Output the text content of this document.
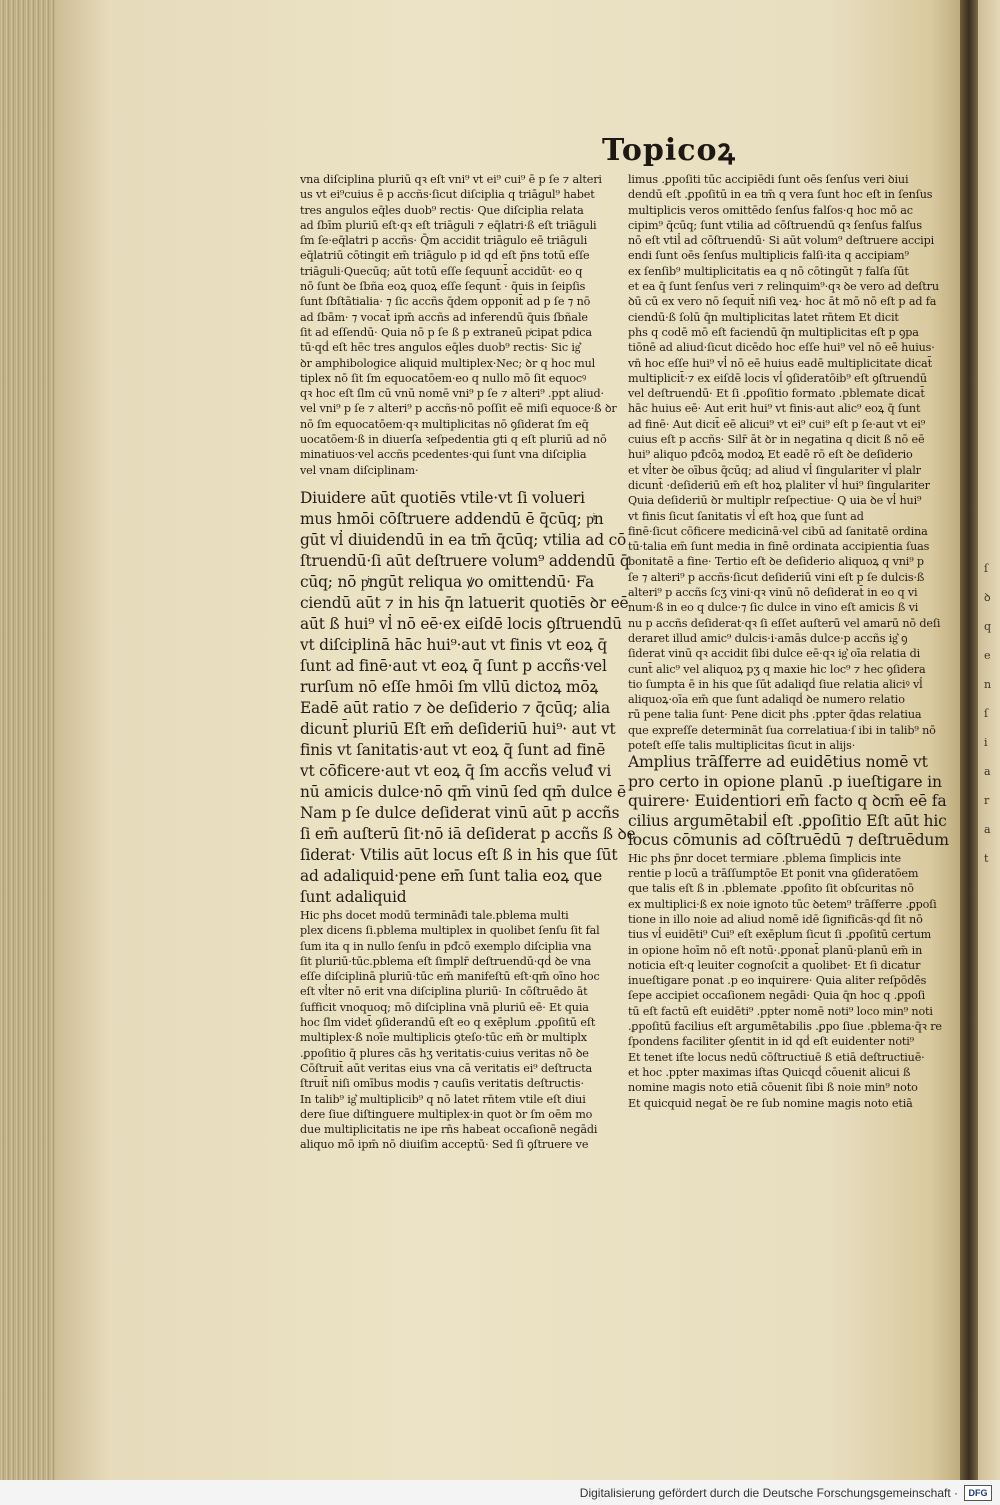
ſ
ꝺ
q
e
n
ſ
i
a
r
a
t
Topicoꝝ

vna diſciplina pluriū qꝛ eſt vni⁹ vt ei⁹ cui⁹ ē p ſe ⁊ alteri

us vt ei⁹cuius ē p accñs·ſicut diſciplia q triāgul⁹ habet

tres angulos eq̄les duob⁹ rectis· Que diſciplia relata

ad ſbīm pluriū eſt·qꝛ eſt triāguli ⁊ eq̄latri·ß eſt triāguli

ſm ſe·eq̄latri p accñs· Q̄m accidit triāgulo eē triāguli

eq̄latriū cōtingit em̄ triāgulo p id qḋ eſt p̄ns totū eſſe

triāguli·Quecūq; aūt totū eſſe ſequunt̄ accidūt· eo q

nō ſunt ꝺe ſbña eoꝝ quoꝝ eſſe ſequnt̄ · q̄uis in ſeipſis

ſunt ſbſtātialia· ⁊ ſic accñs q̄dem opponit̄ ad p ſe ⁊ nō

ad ſbām· ⁊ vocat̄ ipm̄ accñs ad inferendū q̄uis ſbñale

ſit ad eſſendū· Quia nō p ſe ß p extraneū pͥcipat pdica

tū·qḋ eſt hēc tres angulos eq̄les duob⁹ rectis· Sic ig͛

ꝺr amphibologice aliquid multiplex·Nec; ꝺr q hoc mul

tiplex nō ſit ſm equocatōem·eo q nullo mō ſit equocꝰ

qꝛ hoc eſt ſlm cū vnū nomē vni⁹ p ſe ⁊ alteri⁹ .ppt aliud·

vel vni⁹ p ſe ⁊ alteri⁹ p accñs·nō poſſit eē miſi equoce·ß ꝺr

nō ſm equocatōem·qꝛ multiplicitas nō ꝯſiderat ſm eq̄

uocatōem·ß in diuerſa ꝛeſpedentia gti q eſt pluriū ad nō

minatiuos·vel accñs pcedentes·qui ſunt vna diſciplia

vel vnam diſciplinam·

Diuidere aūt quotiēs vtile·vt ſi volueri

mus hmōi cōſtruere addendū ē q̄cūq; pͥn

gūt vl̓ diuidendū in ea tm̄ q̄cūq; vtilia ad cō

ſtruendū·ſi aūt deſtruere volum⁹ addendū q̄

cūq; nō pͥngūt reliqua ꝟo omittendū· Fa

ciendū aūt ⁊ in his q̄n latuerit quotiēs ꝺr eē

aūt ß hui⁹ vl̓ nō eē·ex eiſdē locis ꝯſtruendū

vt diſciplinā hāc hui⁹·aut vt finis vt eoꝝ q̄

ſunt ad finē·aut vt eoꝝ q̄ ſunt p accñs·vel

rurſum nō eſſe hmōi ſm vllū dictoꝝ mōꝝ

Eadē aūt ratio ⁊ ꝺe deſiderio ⁊ q̄cūq; alia

dicunt̄ pluriū Eſt em̄ deſideriū hui⁹· aut vt

finis vt ſanitatis·aut vt eoꝝ q̄ ſunt ad finē

vt cōficere·aut vt eoꝝ q̄ ſm accñs veluđ vi

nū amicis dulce·nō qm̄ vinū ſed qm̄ dulce ē

Nam p ſe dulce deſiderat vinū aūt p accñs

ſi em̄ auſterū ſit·nō iā deſiderat p accñs ß ꝺe

ſiderat· Vtilis aūt locus eſt ß in his que ſūt

ad adaliquid·pene em̄ ſunt talia eoꝝ que

ſunt adaliquid

Hic phs docet modū termināđi tale.pblema multi

plex dicens ſi.pblema multiplex in quolibet ſenſu ſit fal

ſum ita q in nullo ſenſu in pđcō exemplo diſciplia vna

ſit pluriū·tūc.pblema eſt ſimplr̄ deſtruendū·qḋ ꝺe vna

eſſe diſciplinā pluriū·tūc em̄ manifeſtū eſt·qm̄ oīno hoc

eſt vl̓ter nō erit vna diſciplina pluriū· In cōſtruēdo āt

ſufficit vnoquoq; mō diſciplina vnā pluriū eē· Et quia

hoc ſlm videt̄ ꝯſiderandū eſt eo q exēplum .ꝑpoſitū eſt

multiplex·ß noīe multiplicis ꝯteſo·tūc em̄ ꝺr multiplx

.ꝑpoſitio q̄ plures cās hʒ veritatis·cuius veritas nō ꝺe

Cōſtruit̄ aūt veritas eius vna cā veritatis ei⁹ deſtructa

ſtruit̄ niſi omībus modis ⁊ cauſis veritatis deſtructis·

In talib⁹ ig͛ multiplicib⁹ q nō latet rn̄tem vtile eſt diui

dere ſiue diſtinguere multiplex·in quot ꝺr ſm oēm mo

due multiplicitatis ne ipe rn̄s habeat occaſionē negādi

aliquo mō ipm̄ nō diuiſim acceptū· Sed ſi ꝯſtruere ve

limus .ꝑpoſiti tūc accipiēdi ſunt oēs ſenſus veri ꝺiui

dendū eſt .ꝑpoſitū in ea tm̄ q vera ſunt hoc eſt in ſenſus

multiplicis veros omittēdo ſenſus falſos·q hoc mō ac

cipim⁹ q̄cūq; ſunt vtilia ad cōſtruendū qꝛ ſenſus falſus

nō eſt vtil̓ ad cōſtruendū· Si aūt volum⁹ deſtruere accipi

endi ſunt oēs ſenſus multiplicis falſi·ita q accipiam⁹

ex ſenſib⁹ multiplicitatis ea q nō cōtingūt ⁊ falſa ſūt

et ea q̄ ſunt ſenſus veri ⁊ relinquim⁹·qꝛ ꝺe vero ad deſtru

ꝺū cū ex vero nō ſequit̄ niſi veꝝ· hoc āt mō nō eſt p ad fa

ciendū·ß ſolū q̄n multiplicitas latet rn̄tem Et dicit

phs q codē mō eſt faciendū q̄n multiplicitas eſt p ꝯpa

tiōnē ad aliud·ſicut dicēdo hoc eſſe hui⁹ vel nō eē huius·

vn̄ hoc eſſe hui⁹ vl̓ nō eē huius eadē multiplicitate dicat̄

multiplicit̄·⁊ ex eiſdē locis vl̓ ꝯſideratōib⁹ eſt ꝯſtruendū

vel deſtruendū· Et ſi .ꝑpoſitio formato .pblemate dicat̄

hāc huius eē· Aut erit hui⁹ vt finis·aut alic⁹ eoꝝ q̄ ſunt

ad finē· Aut dicit̄ eē alicui⁹ vt ei⁹ cui⁹ eſt p ſe·aut vt ei⁹

cuius eſt p accñs· Silr̄ āt ꝺr in negatina q dicit ß nō eē

hui⁹ aliquo pđcōꝝ modoꝝ Et eadē rō eſt ꝺe deſiderio

et vl̓ter ꝺe oībus q̄cūq; ad aliud vl̓ ſingulariter vl̓ plalr

dicunt̄ ·deſideriū em̄ eſt hoꝝ plaliter vl̓ hui⁹ ſingulariter

Quia deſideriū ꝺr multiplr reſpectiue· Q uia ꝺe vl̓ hui⁹

vt finis ſicut ſanitatis vl̓ eſt hoꝝ que ſunt ad

finē·ſicut cōficere medicinā·vel cibū ad ſanitatē ordina

tū·talia em̄ ſunt media in finē ordinata accipientia ſuas

bonitatē a fine· Tertio eſt ꝺe deſiderio aliquoꝝ q vni⁹ p

ſe ⁊ alteri⁹ p accñs·ſicut deſideriū vini eſt p ſe dulcis·ß

alteri⁹ p accñs ſcʒ vini·qꝛ vinū nō deſiderat̄ in eo q vi

num·ß in eo q dulce·⁊ ſic dulce in vino eſt amicis ß vi

nu p accñs deſiderat·qꝛ ſi eſſet auſterū vel amarū nō deſi

deraret illud amic⁹ dulcis·i·amās dulce·p accñs ig͛ ꝯ

ſiderat vinū qꝛ accidit ſibi dulce eē·qꝛ ig͛ oīa relatia di

cunt̄ alic⁹ vel aliquoꝝ pʒ q maxie hic loc⁹ ⁊ hec ꝯſidera

tio ſumpta ē in his que ſūt adaliqḋ ſiue relatia aliciꝰ vl̓

aliquoꝝ·oīa em̄ que ſunt adaliqḋ ꝺe numero relatio

rū pene talia ſunt· Pene dicit phs .ppter q̄das relatiua

que expreſſe determināt ſua correlatiua·ſ ibi in talib⁹ nō

poteſt eſſe talis multiplicitas ſicut in alijs·

Amplius trāſferre ad euidētius nomē vt

pro certo in opione planū .p iueſtigare in

quirere· Euidentiori em̄ facto q ꝺcm̄ eē fa

cilius argumētabil̓ eſt .ꝑpoſitio Eſt aūt hic

locus cōmunis ad cōſtruēdū ⁊ deſtruēdum

Hic phs p̄nr docet termiare .pblema ſimplicis inte

rentie p locū a trāſſumptōe Et ponit vna ꝯſideratōem

que talis eſt ß in .pblemate .ꝑpoſito ſit obſcuritas nō

ex multiplici·ß ex noie ignoto tūc ꝺetem⁹ trāſferre .ꝑpoſi

tione in illo noie ad aliud nomē idē ſignificās·qḋ ſit nō

tius vl̓ euidēti⁹ Cui⁹ eſt exēplum ſicut ſi .ꝑpoſitū certum

in opione hoīm nō eſt notū·.ꝑponat̄ planū·planū em̄ in

noticia eſt·q leuiter cognoſcit̄ a quolibet· Et ſi dicatur

inueſtigare ponat .p eo inquirere· Quia aliter reſpōdēs

ſepe accipiet occaſionem negādi· Quia q̄n hoc q .ꝑpoſi

tū eſt factū eſt euidēti⁹ .ppter nomē noti⁹ loco min⁹ noti

.ꝑpoſitū facilius eſt argumētabilis .ꝑpo ſiue .pblema·q̄ꝛ re

ſpondens faciliter ꝯſentit in id qḋ eſt euidenter noti⁹

Et tenet iſte locus nedū cōſtructiuē ß etiā deſtructiuē·

et hoc .ppter maximas iſtas Quicqḋ cōuenit alicui ß

nomine magis noto etiā cōuenit ſibi ß noie min⁹ noto

Et quicquid negat̄ ꝺe re ſub nomine magis noto etiā

Digitalisierung gefördert durch die Deutsche Forschungsgemeinschaft ·	DFG
